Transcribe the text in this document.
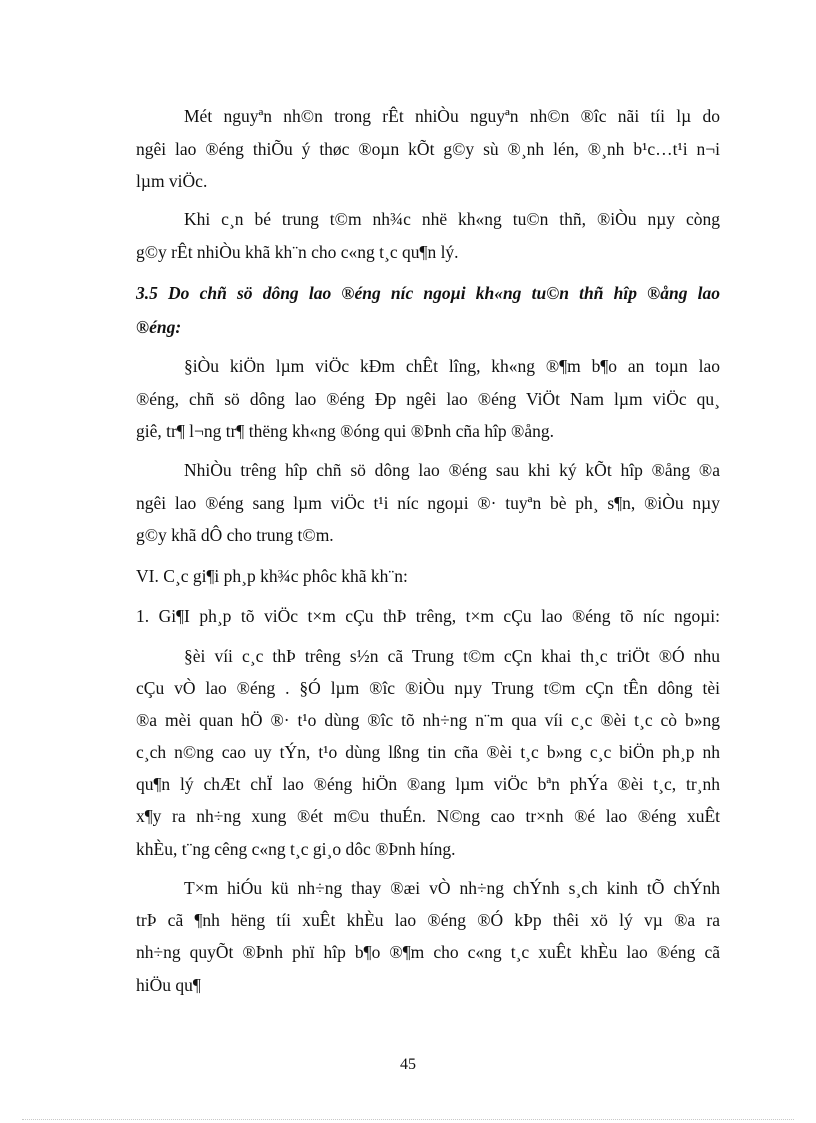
Mét nguyªn nh©n trong rÊt nhiÒu nguyªn nh©n ®îc nãi tíi lµ do
ngêi lao ®éng thiÕu ý thøc ®oµn kÕt g©y sù ®¸nh lén, ®¸nh b¹c…t¹i n¬i
lµm viÖc.
Khi c¸n bé trung t©m nh¾c nhë kh«ng tu©n thñ, ®iÒu nµy còng
g©y rÊt nhiÒu khã kh¨n cho c«ng t¸c qu¶n lý.
3.5 Do chñ sö dông lao ®éng níc ngoµi kh«ng tu©n thñ hîp ®ång lao
®éng:
§iÒu kiÖn lµm viÖc kÐm chÊt lîng, kh«ng ®¶m b¶o an toµn lao
®éng, chñ sö dông lao ®éng Ðp ngêi lao ®éng ViÖt Nam lµm viÖc qu¸
giê, tr¶ l¬ng tr¶ thëng kh«ng ®óng qui ®Þnh cña hîp ®ång.
NhiÒu trêng hîp chñ sö dông lao ®éng sau khi ký kÕt hîp ®ång ®a
ngêi lao ®éng sang lµm viÖc t¹i níc ngoµi ®· tuyªn bè ph¸ s¶n, ®iÒu nµy
g©y khã dÔ cho trung t©m.
VI. C¸c gi¶i ph¸p kh¾c phôc khã kh¨n:
1. Gi¶I ph¸p tõ viÖc t×m cÇu thÞ trêng, t×m cÇu lao ®éng tõ níc ngoµi:
§èi víi c¸c thÞ trêng s½n cã Trung t©m cÇn khai th¸c triÖt ®Ó nhu
cÇu vÒ lao ®éng . §Ó lµm ®îc ®iÒu nµy Trung t©m cÇn tÊn dông tèi
®a mèi quan hÖ ®· t¹o dùng ®îc tõ nh÷ng n¨m qua víi c¸c ®èi t¸c cò b»ng
c¸ch n©ng cao uy tÝn, t¹o dùng lßng tin cña ®èi t¸c b»ng c¸c biÖn ph¸p nh
qu¶n lý chÆt chÏ lao ®éng hiÖn ®ang lµm viÖc bªn phÝa ®èi t¸c, tr¸nh
x¶y ra nh÷ng xung ®ét m©u thuÉn. N©ng cao tr×nh ®é lao ®éng xuÊt
khÈu, t¨ng cêng c«ng t¸c gi¸o dôc ®Þnh híng.
T×m hiÓu kü nh÷ng thay ®æi vÒ nh÷ng chÝnh s¸ch kinh tÕ chÝnh
trÞ cã ¶nh hëng tíi xuÊt khÈu lao ®éng ®Ó kÞp thêi xö lý vµ ®a ra
nh÷ng quyÕt ®Þnh phï hîp b¶o ®¶m cho c«ng t¸c xuÊt khÈu lao ®éng cã
hiÖu qu¶
45
